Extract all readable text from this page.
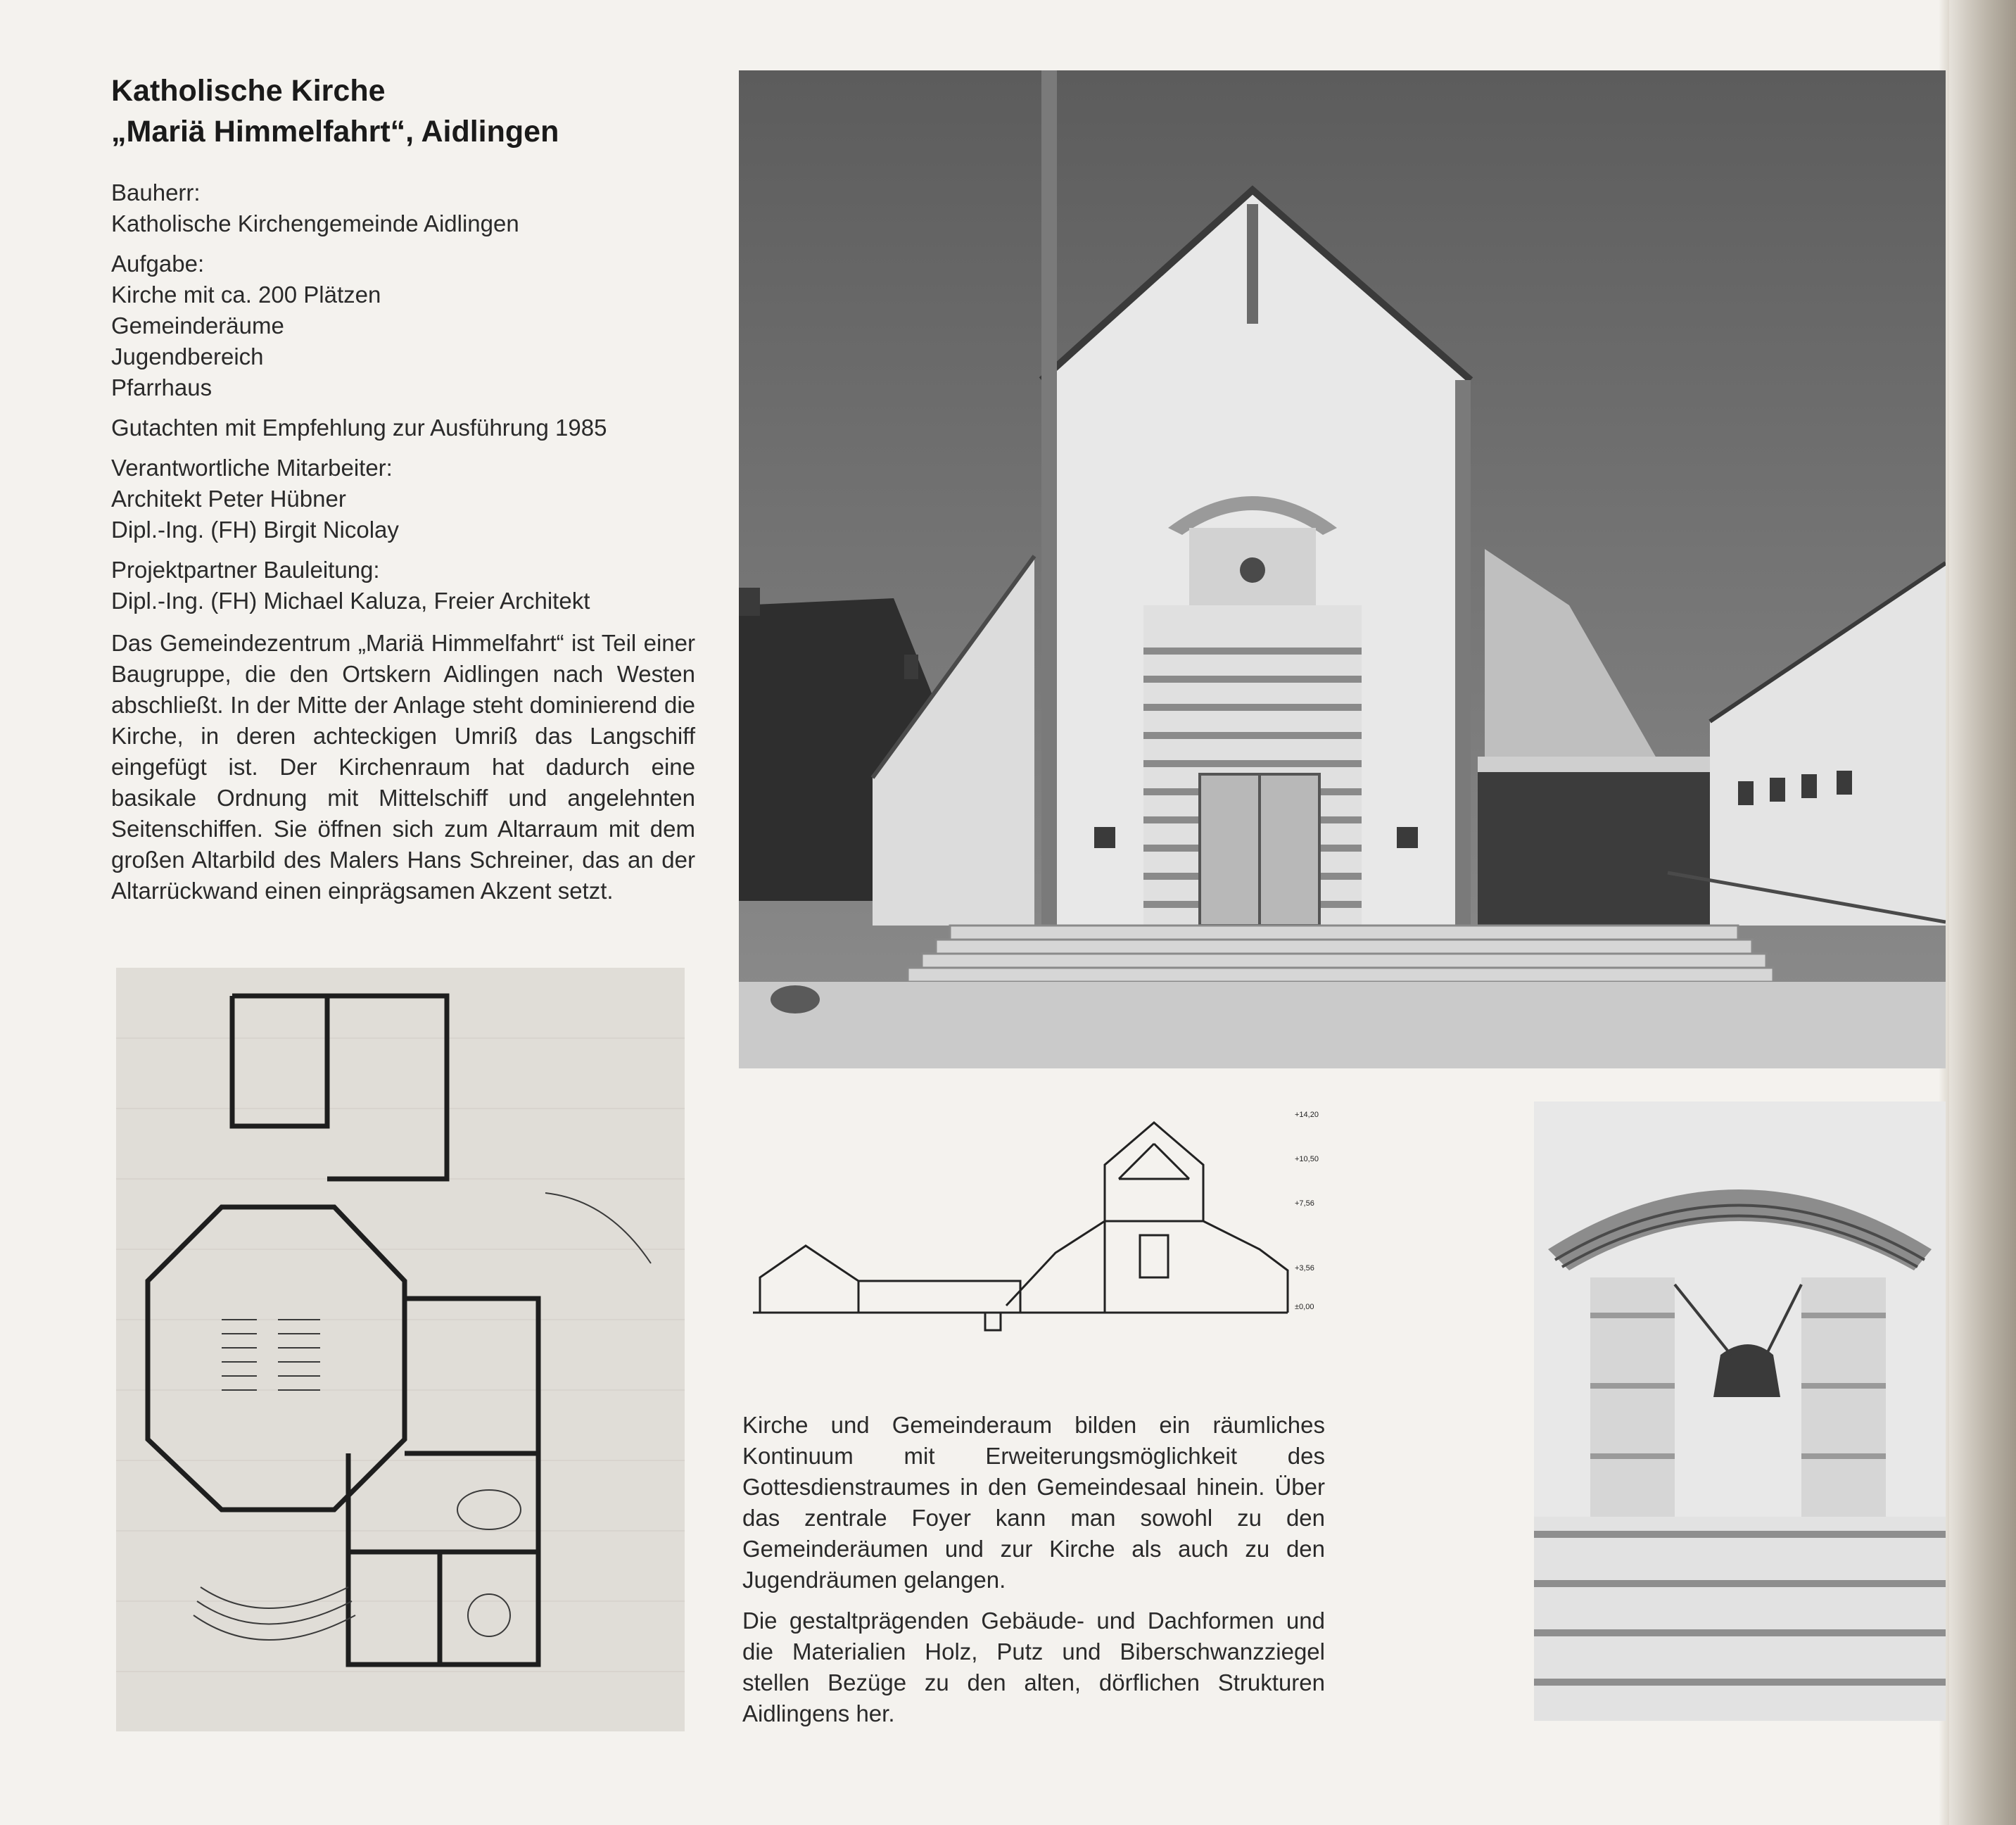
Katholische Kirche
„Mariä Himmelfahrt“, Aidlingen
Bauherr:
Katholische Kirchengemeinde Aidlingen
Aufgabe:
Kirche mit ca. 200 Plätzen
Gemeinderäume
Jugendbereich
Pfarrhaus
Gutachten mit Empfehlung zur Ausführung 1985
Verantwortliche Mitarbeiter:
Architekt Peter Hübner
Dipl.-Ing. (FH) Birgit Nicolay
Projektpartner Bauleitung:
Dipl.-Ing. (FH) Michael Kaluza, Freier Architekt
Das Gemeindezentrum „Mariä Himmelfahrt“ ist Teil einer Baugruppe, die den Ortskern Aidlingen nach Westen abschließt. In der Mitte der Anlage steht dominierend die Kirche, in deren achteckigen Umriß das Langschiff eingefügt ist. Der Kirchenraum hat dadurch eine basikale Ordnung mit Mittelschiff und angelehnten Seitenschiffen. Sie öffnen sich zum Altarraum mit dem großen Altarbild des Malers Hans Schreiner, das an der Altarrückwand einen einprägsamen Akzent setzt.
+14,20
+10,50
+7,56
+3,56
±0,00

Kirche und Gemeinderaum bilden ein räumliches Kontinuum mit Erweiterungsmöglichkeit des Gottesdienstraumes in den Gemeindesaal hinein. Über das zentrale Foyer kann man sowohl zu den Gemeinderäumen und zur Kirche als auch zu den Jugendräumen gelangen.

Die gestaltprägenden Gebäude- und Dachformen und die Materialien Holz, Putz und Biberschwanzziegel stellen Bezüge zu den alten, dörflichen Strukturen Aidlingens her.
